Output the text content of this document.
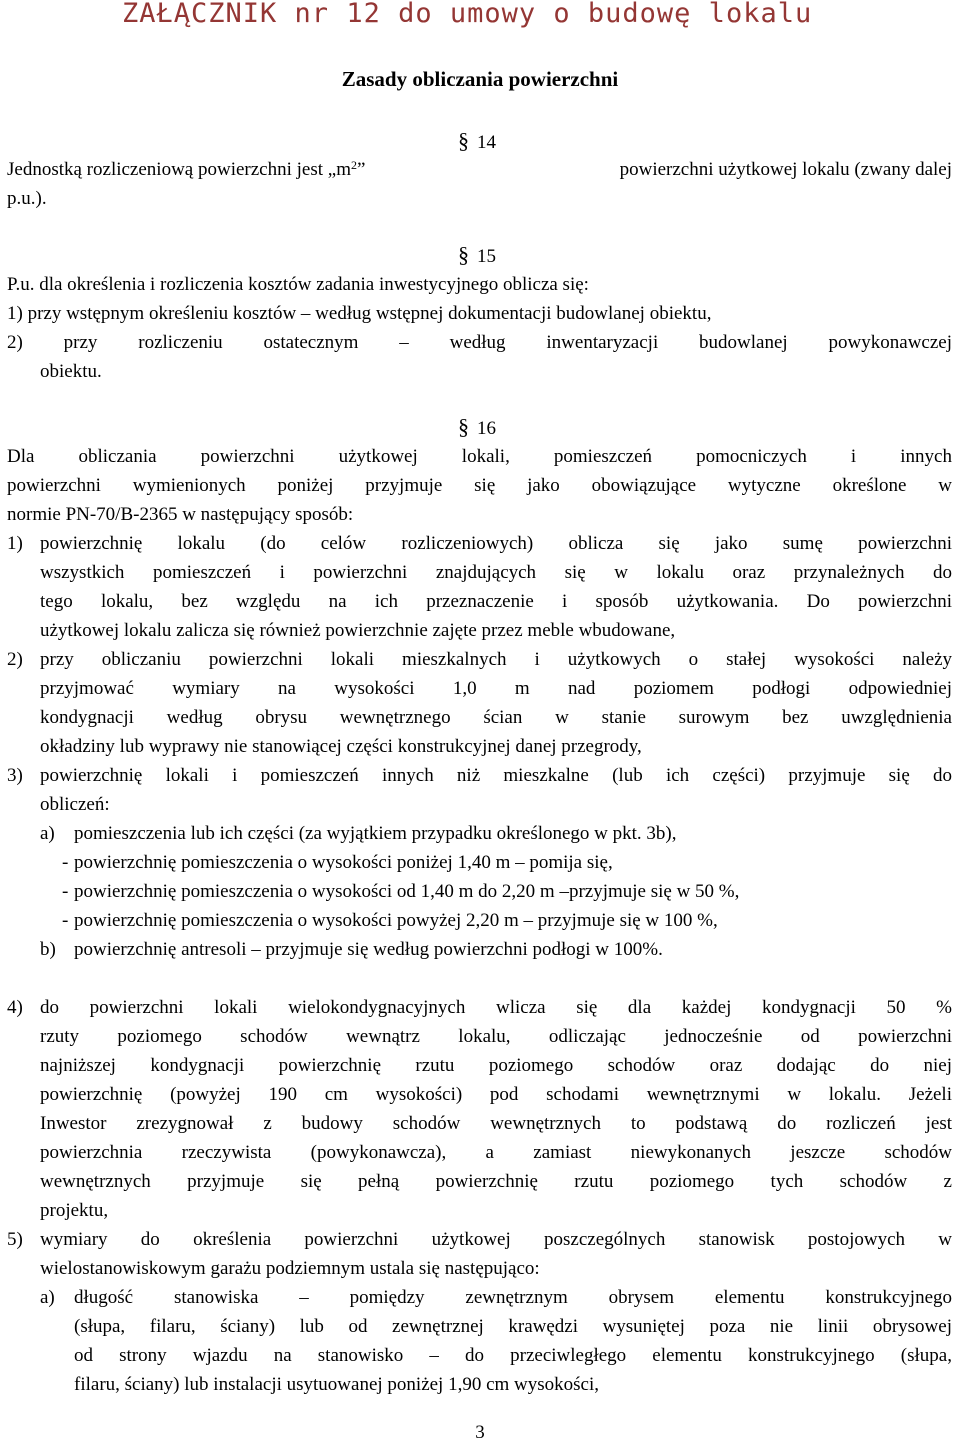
ZAŁĄCZNIK nr 12 do umowy o budowę lokalu
Zasady obliczania powierzchni
§ 14
Jednostką rozliczeniową powierzchni jest $„m^2$”	powierzchni użytkowej lokalu (zwany dalej
p.u.).
§ 15
P.u. dla określenia i rozliczenia kosztów zadania inwestycyjnego oblicza się:
1) przy wstępnym określeniu kosztów – według wstępnej dokumentacji budowlanej obiektu,
2) przy rozliczeniu ostatecznym – według inwentaryzacji budowlanej powykonawczej
obiektu.
§ 16
Dla obliczania powierzchni użytkowej lokali, pomieszczeń pomocniczych i innych
powierzchni wymienionych poniżej przyjmuje się jako obowiązujące wytyczne określone w
normie PN-70/B-2365 w następujący sposób:
1) powierzchnię lokalu (do celów rozliczeniowych) oblicza się jako sumę powierzchni
wszystkich pomieszczeń i powierzchni znajdujących się w lokalu oraz przynależnych do
tego lokalu, bez względu na ich przeznaczenie i sposób użytkowania. Do powierzchni
użytkowej lokalu zalicza się również powierzchnie zajęte przez meble wbudowane,
2) przy obliczaniu powierzchni lokali mieszkalnych i użytkowych o stałej wysokości należy
przyjmować wymiary na wysokości 1,0 m nad poziomem podłogi odpowiedniej
kondygnacji według obrysu wewnętrznego ścian w stanie surowym bez uwzględnienia
okładziny lub wyprawy nie stanowiącej części konstrukcyjnej danej przegrody,
3) powierzchnię lokali i pomieszczeń innych niż mieszkalne (lub ich części) przyjmuje się do
obliczeń:
a) pomieszczenia lub ich części (za wyjątkiem przypadku określonego w pkt. 3b),
- powierzchnię pomieszczenia o wysokości poniżej 1,40 m – pomija się,
- powierzchnię pomieszczenia o wysokości od 1,40 m do 2,20 m –przyjmuje się w 50 %,
- powierzchnię pomieszczenia o wysokości powyżej 2,20 m – przyjmuje się w 100 %,
b) powierzchnię antresoli – przyjmuje się według powierzchni podłogi w 100%.
4) do powierzchni lokali wielokondygnacyjnych wlicza się dla każdej kondygnacji 50 %
rzuty poziomego schodów wewnątrz lokalu, odliczając jednocześnie od powierzchni
najniższej kondygnacji powierzchnię rzutu poziomego schodów oraz dodając do niej
powierzchnię (powyżej 190 cm wysokości) pod schodami wewnętrznymi w lokalu. Jeżeli
Inwestor zrezygnował z budowy schodów wewnętrznych to podstawą do rozliczeń jest
powierzchnia rzeczywista (powykonawcza), a zamiast niewykonanych jeszcze schodów
wewnętrznych przyjmuje się pełną powierzchnię rzutu poziomego tych schodów z
projektu,
5) wymiary do określenia powierzchni użytkowej poszczególnych stanowisk postojowych w
wielostanowiskowym garażu podziemnym ustala się następująco:
a) długość stanowiska – pomiędzy zewnętrznym obrysem elementu konstrukcyjnego
(słupa, filaru, ściany) lub od zewnętrznej krawędzi wysuniętej poza nie linii obrysowej
od strony wjazdu na stanowisko – do przeciwległego elementu konstrukcyjnego (słupa,
filaru, ściany) lub instalacji usytuowanej poniżej 1,90 cm wysokości,
3
